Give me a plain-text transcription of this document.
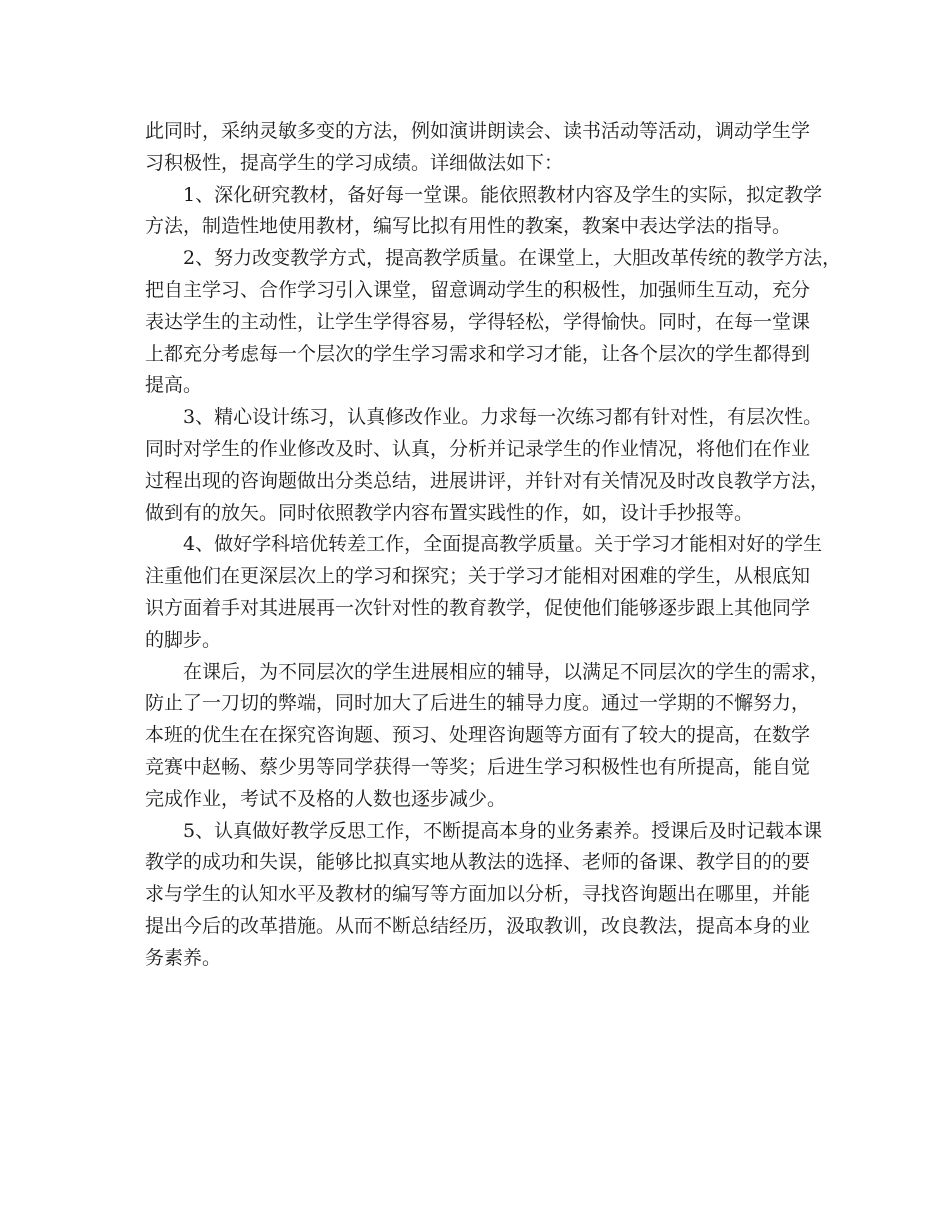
此同时，采纳灵敏多变的方法，例如演讲朗读会、读书活动等活动，调动学生学
习积极性，提高学生的学习成绩。详细做法如下：
1、深化研究教材，备好每一堂课。能依照教材内容及学生的实际，拟定教学
方法，制造性地使用教材，编写比拟有用性的教案，教案中表达学法的指导。
2、努力改变教学方式，提高教学质量。在课堂上，大胆改革传统的教学方法，
把自主学习、合作学习引入课堂，留意调动学生的积极性，加强师生互动，充分
表达学生的主动性，让学生学得容易，学得轻松，学得愉快。同时，在每一堂课
上都充分考虑每一个层次的学生学习需求和学习才能，让各个层次的学生都得到
提高。
3、精心设计练习，认真修改作业。力求每一次练习都有针对性，有层次性。
同时对学生的作业修改及时、认真，分析并记录学生的作业情况，将他们在作业
过程出现的咨询题做出分类总结，进展讲评，并针对有关情况及时改良教学方法，
做到有的放矢。同时依照教学内容布置实践性的作，如，设计手抄报等。
4、做好学科培优转差工作，全面提高教学质量。关于学习才能相对好的学生
注重他们在更深层次上的学习和探究；关于学习才能相对困难的学生，从根底知
识方面着手对其进展再一次针对性的教育教学，促使他们能够逐步跟上其他同学
的脚步。
在课后，为不同层次的学生进展相应的辅导，以满足不同层次的学生的需求，
防止了一刀切的弊端，同时加大了后进生的辅导力度。通过一学期的不懈努力，
本班的优生在在探究咨询题、预习、处理咨询题等方面有了较大的提高，在数学
竞赛中赵畅、蔡少男等同学获得一等奖；后进生学习积极性也有所提高，能自觉
完成作业，考试不及格的人数也逐步减少。
5、认真做好教学反思工作，不断提高本身的业务素养。授课后及时记载本课
教学的成功和失误，能够比拟真实地从教法的选择、老师的备课、教学目的的要
求与学生的认知水平及教材的编写等方面加以分析，寻找咨询题出在哪里，并能
提出今后的改革措施。从而不断总结经历，汲取教训，改良教法，提高本身的业
务素养。
